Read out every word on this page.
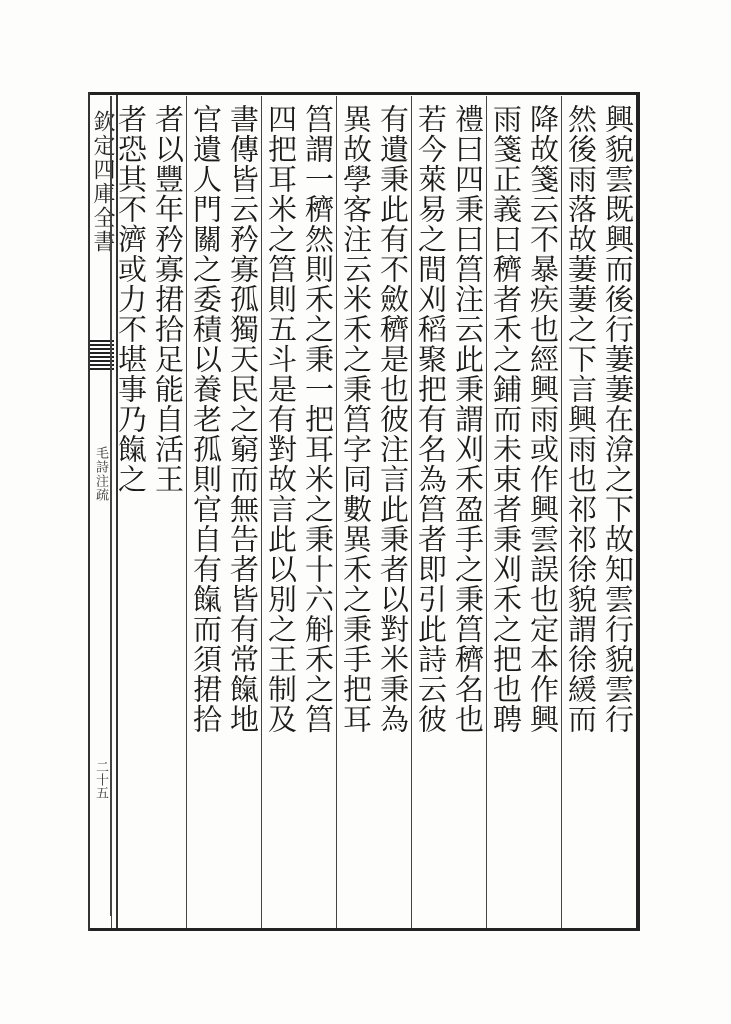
欽定四庫全書
毛詩注疏
二十五
興貌雲既興而後行萋萋在渰之下故知雲行貌雲行
然後雨落故萋萋之下言興雨也祁祁徐貌謂徐緩而
降故箋云不暴疾也經興雨或作興雲誤也定本作興
雨箋正義曰穧者禾之鋪而未束者秉刈禾之把也聘
禮曰四秉曰筥注云此秉謂刈禾盈手之秉筥穧名也
若今萊易之間刈稻聚把有名為筥者即引此詩云彼
有遺秉此有不斂穧是也彼注言此秉者以對米秉為
異故學客注云米禾之秉筥字同數異禾之秉手把耳
筥謂一穧然則禾之秉一把耳米之秉十六斛禾之筥
四把耳米之筥則五斗是有對故言此以別之王制及
書傳皆云矜寡孤獨天民之窮而無告者皆有常餼地
官遺人門關之委積以養老孤則官自有餼而須捃拾
者以豐年矜寡捃拾足能自活王
者恐其不濟或力不堪事乃餼之
